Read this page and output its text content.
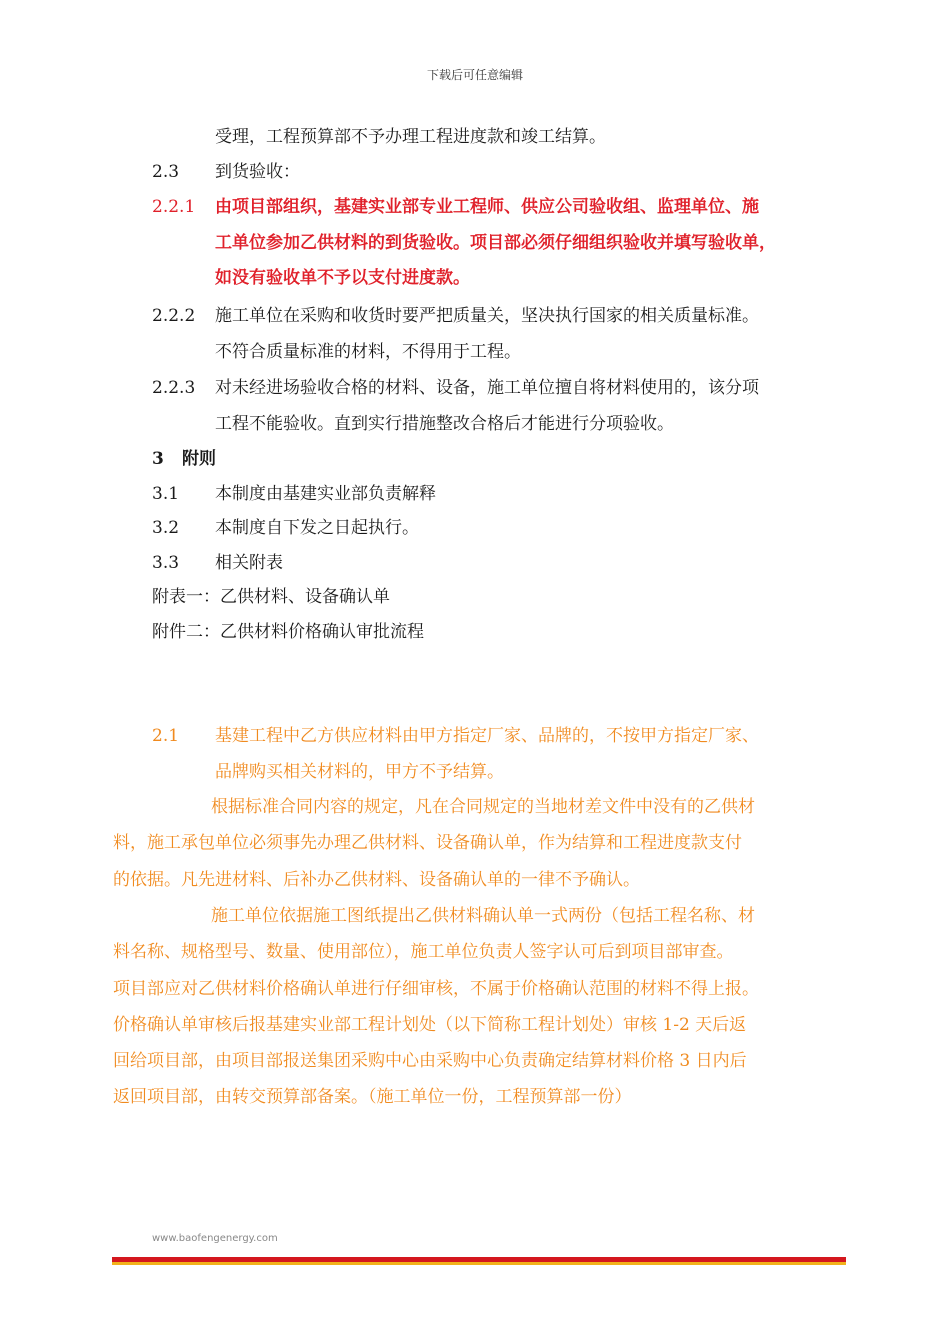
下载后可任意编辑
受理，工程预算部不予办理工程进度款和竣工结算。
2.3 到货验收：
2.2.1 由项目部组织，基建实业部专业工程师、供应公司验收组、监理单位、施
工单位参加乙供材料的到货验收。项目部必须仔细组织验收并填写验收单，
如没有验收单不予以支付进度款。
2.2.2 施工单位在采购和收货时要严把质量关，坚决执行国家的相关质量标准。
不符合质量标准的材料，不得用于工程。
2.2.3 对未经进场验收合格的材料、设备，施工单位擅自将材料使用的，该分项
工程不能验收。直到实行措施整改合格后才能进行分项验收。
3 附则
3.1 本制度由基建实业部负责解释
3.2 本制度自下发之日起执行。
3.3 相关附表
附表一：乙供材料、设备确认单
附件二：乙供材料价格确认审批流程
2.1 基建工程中乙方供应材料由甲方指定厂家、品牌的，不按甲方指定厂家、
品牌购买相关材料的，甲方不予结算。
根据标准合同内容的规定，凡在合同规定的当地材差文件中没有的乙供材
料，施工承包单位必须事先办理乙供材料、设备确认单，作为结算和工程进度款支付
的依据。凡先进材料、后补办乙供材料、设备确认单的一律不予确认。
施工单位依据施工图纸提出乙供材料确认单一式两份（包括工程名称、材
料名称、规格型号、数量、使用部位），施工单位负责人签字认可后到项目部审查。
项目部应对乙供材料价格确认单进行仔细审核，不属于价格确认范围的材料不得上报。
价格确认单审核后报基建实业部工程计划处（以下简称工程计划处）审核 1-2 天后返
回给项目部，由项目部报送集团采购中心由采购中心负责确定结算材料价格 3 日内后
返回项目部，由转交预算部备案。（施工单位一份，工程预算部一份）
www.baofengenergy.com
